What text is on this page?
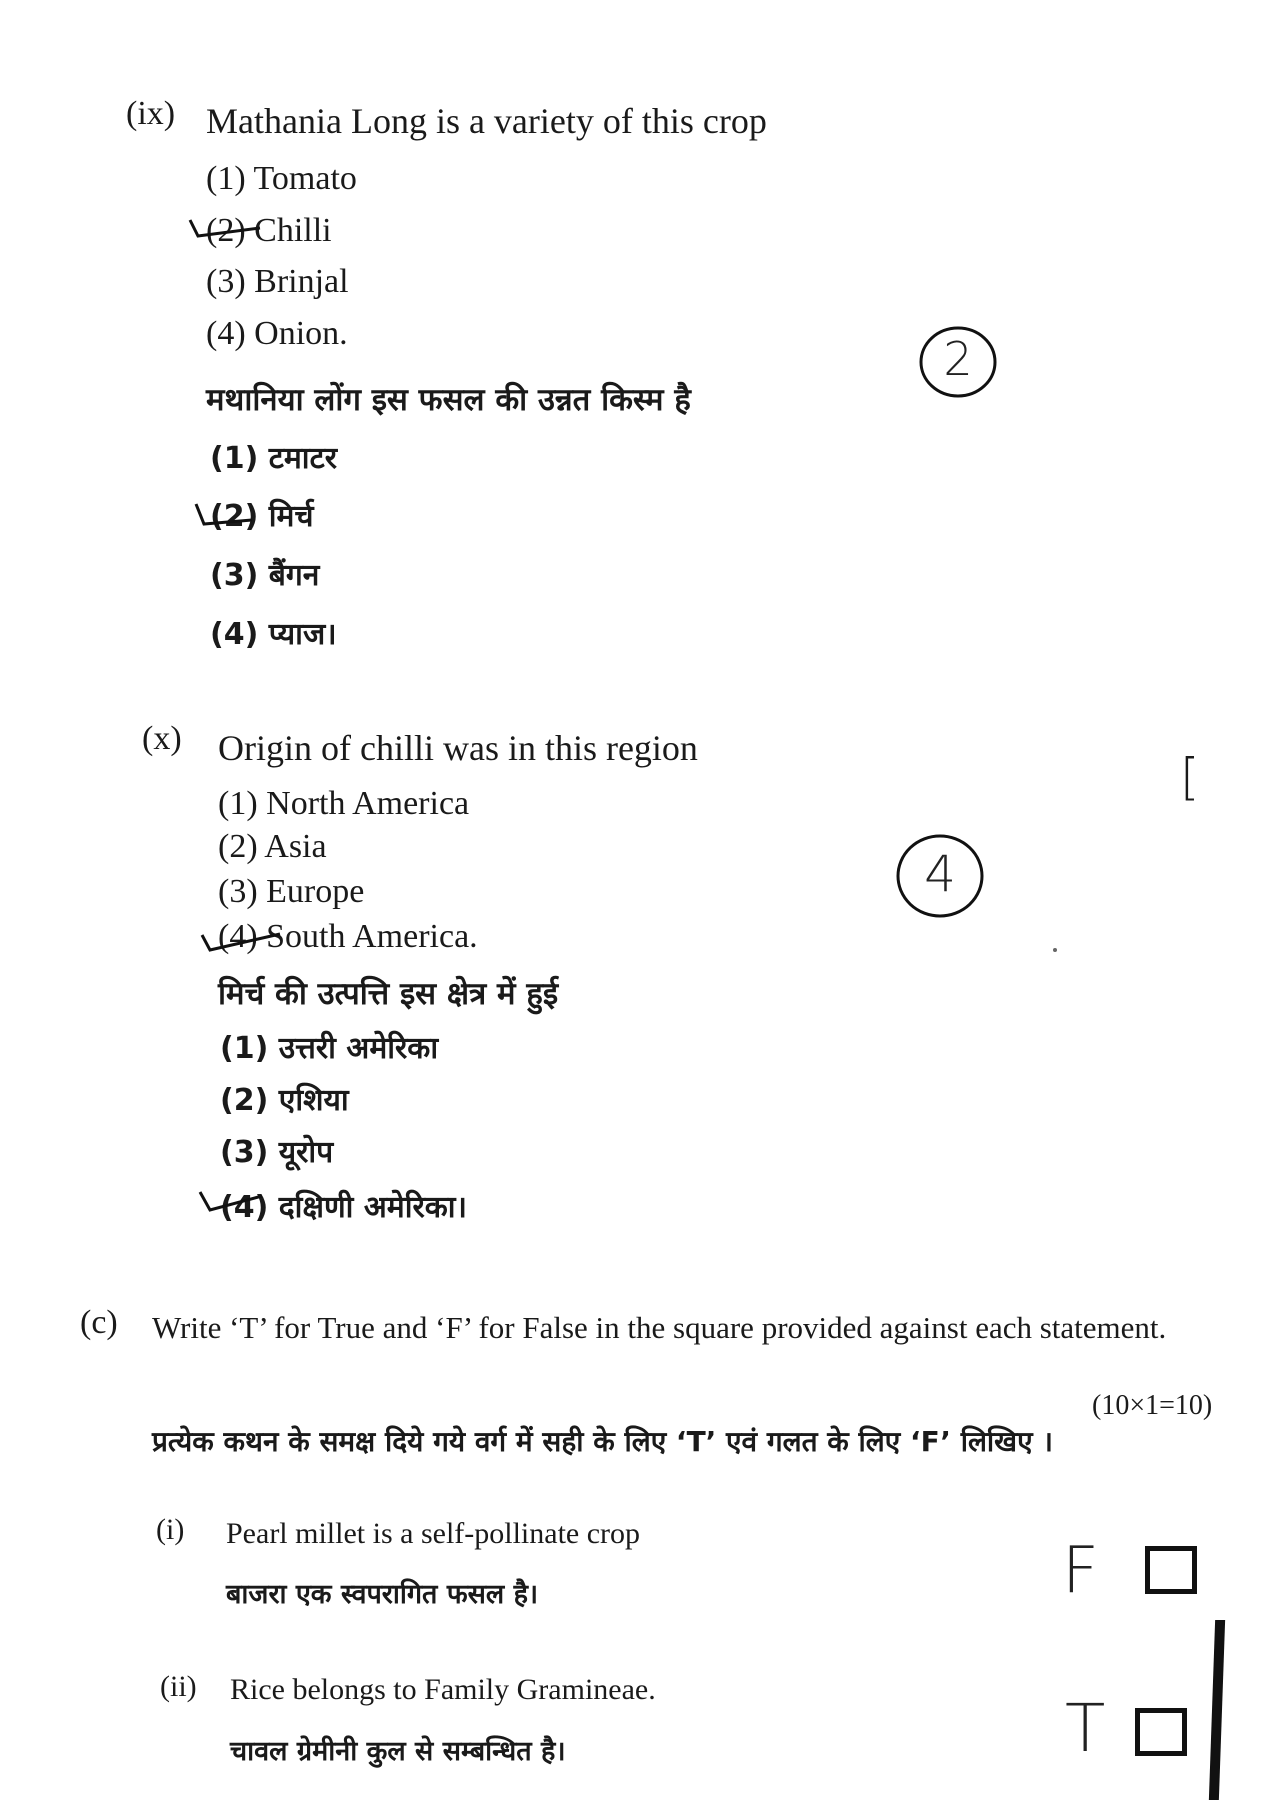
(ix) Mathania Long is a variety of this crop
(1) Tomato
(2) Chilli
(3) Brinjal
(4) Onion.
मथानिया लोंग इस फसल की उन्नत किस्म है
(1) टमाटर
(2) मिर्च
(3) बैंगन
(4) प्याज।
2
(x) Origin of chilli was in this region
(1) North America
(2) Asia
(3) Europe
(4) South America.
मिर्च की उत्पत्ति इस क्षेत्र में हुई
(1) उत्तरी अमेरिका
(2) एशिया
(3) यूरोप
(4) दक्षिणी अमेरिका।
4
[
(c) Write ‘T’ for True and ‘F’ for False in the square provided against each statement.
(10×1=10)
प्रत्येक कथन के समक्ष दिये गये वर्ग में सही के लिए ‘T’ एवं गलत के लिए ‘F’ लिखिए ।
(i) Pearl millet is a self-pollinate crop
बाजरा एक स्वपरागित फसल है।	F
(ii) Rice belongs to Family Gramineae.
चावल ग्रेमीनी कुल से सम्बन्धित है।	T
